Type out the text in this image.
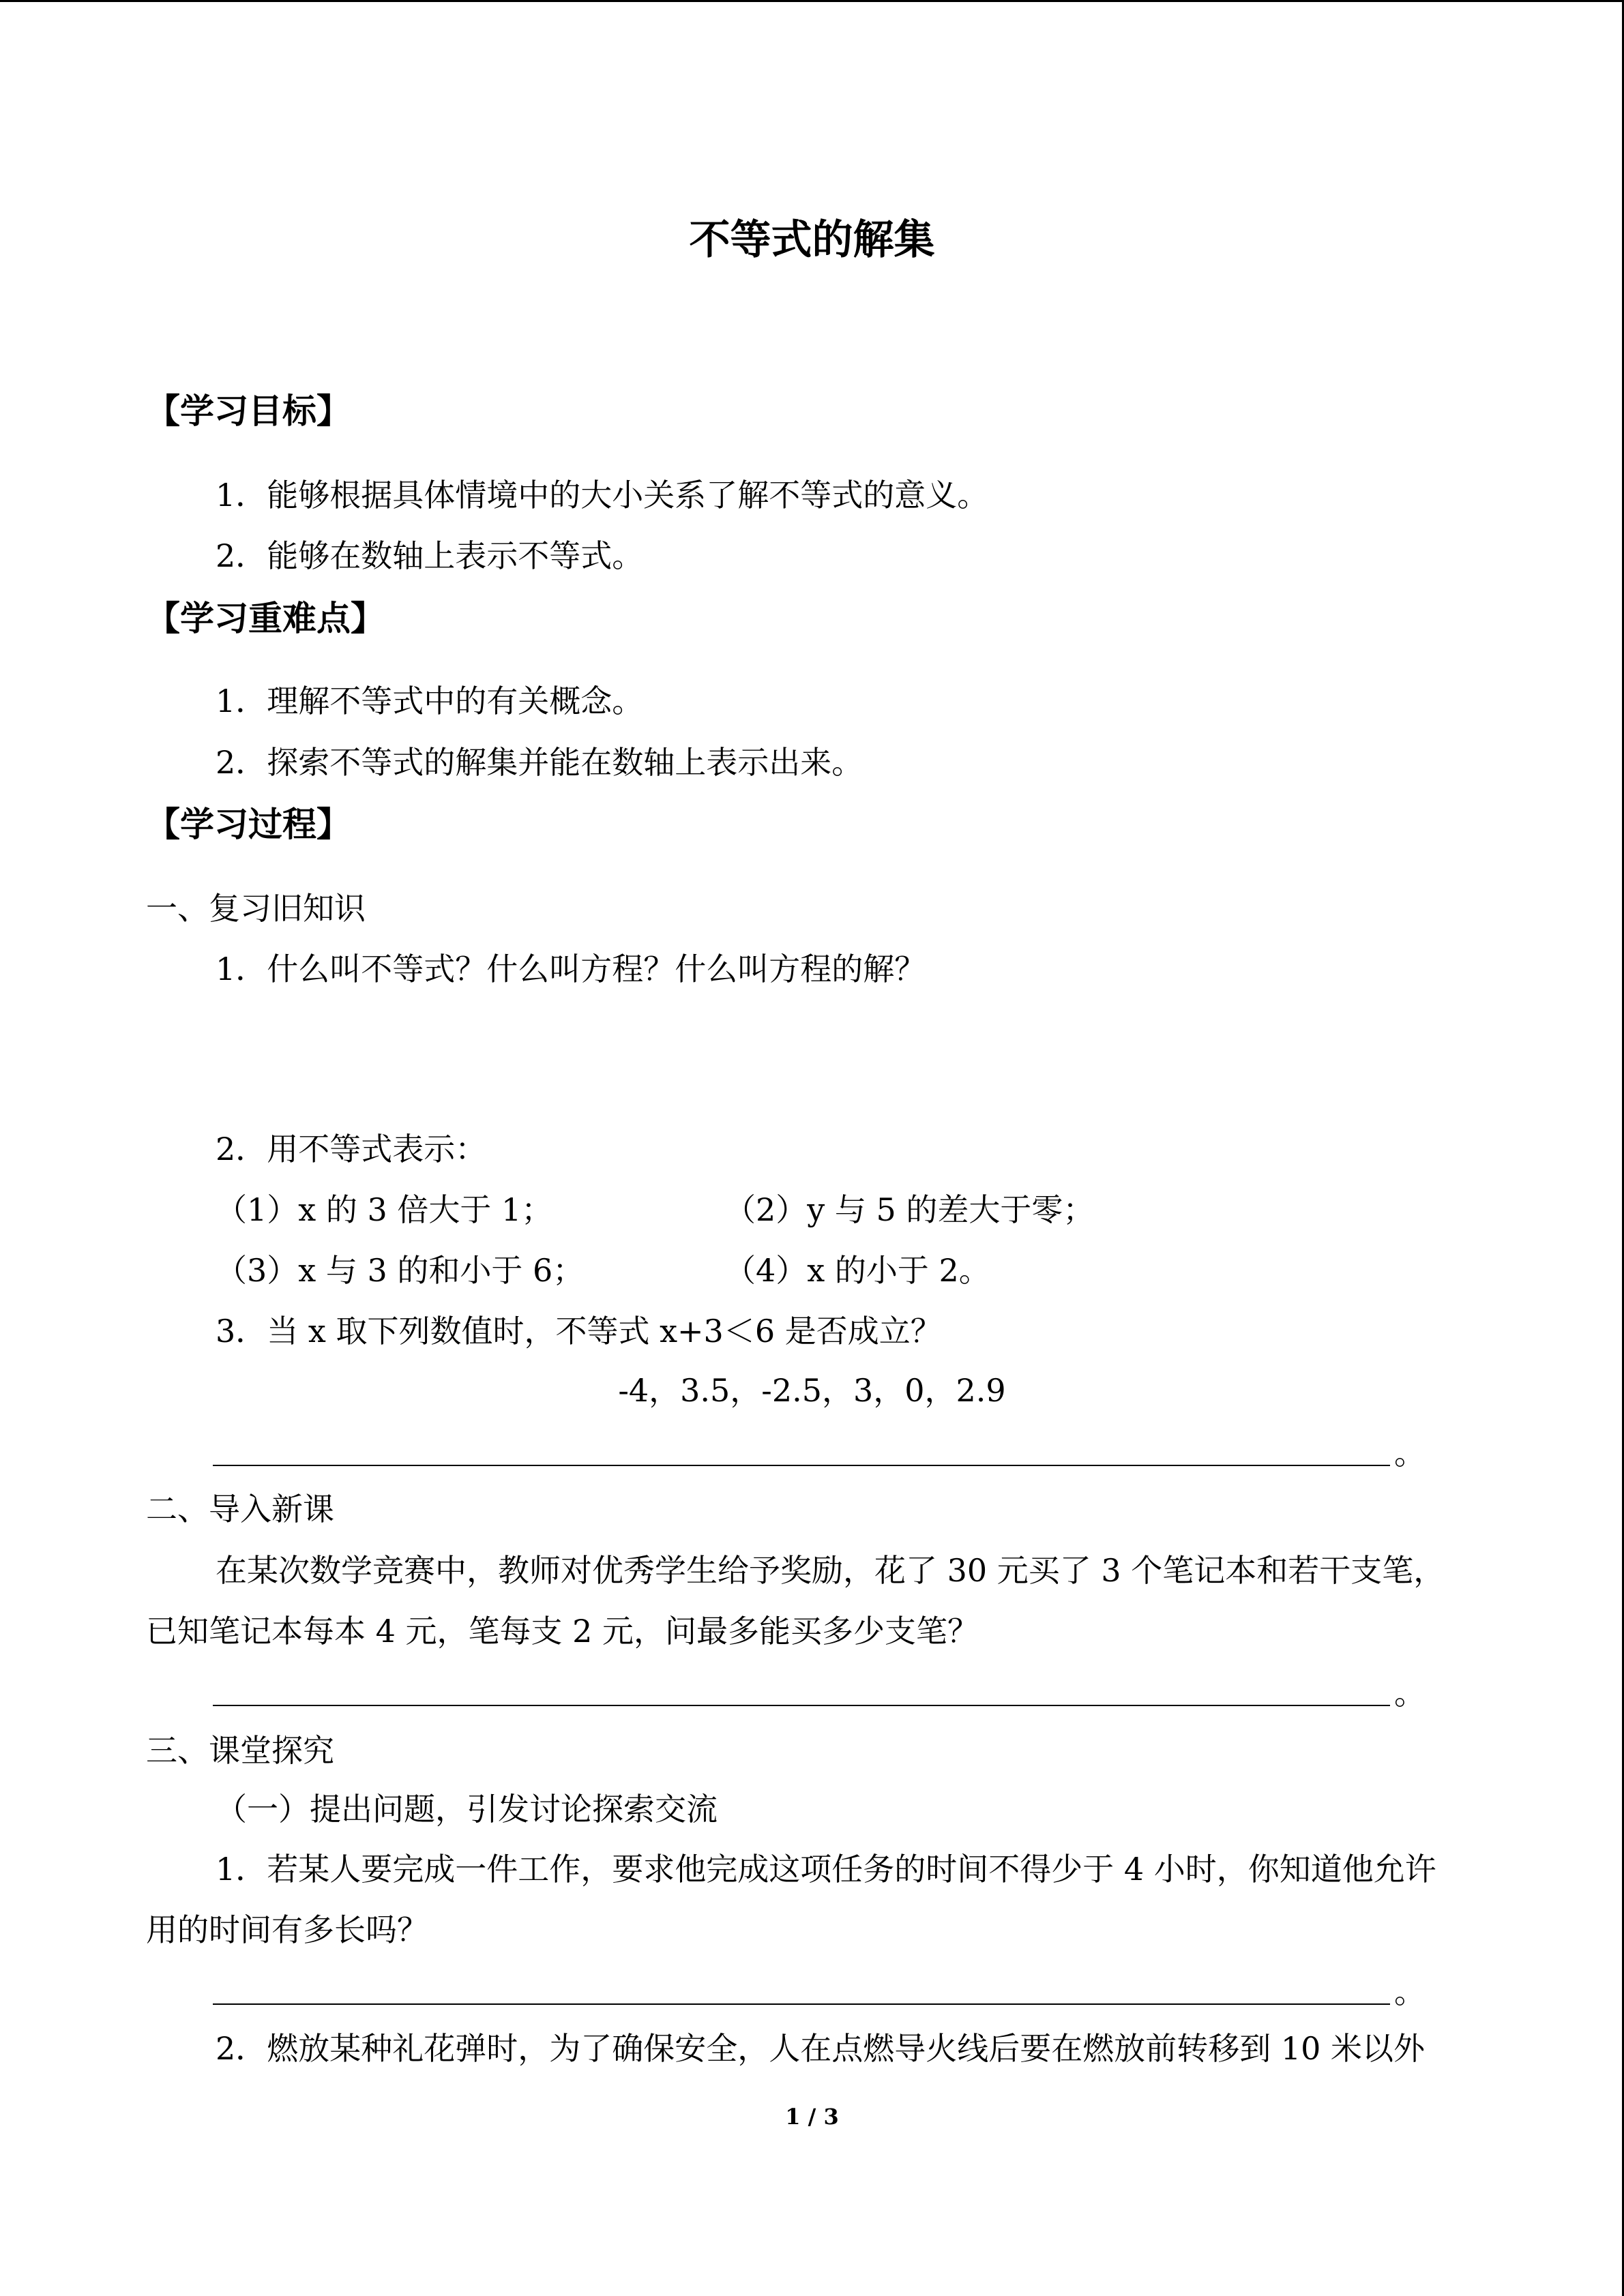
不等式的解集
【学习目标】
1．能够根据具体情境中的大小关系了解不等式的意义。
2．能够在数轴上表示不等式。
【学习重难点】
1．理解不等式中的有关概念。
2．探索不等式的解集并能在数轴上表示出来。
【学习过程】
一、复习旧知识
1．什么叫不等式？什么叫方程？什么叫方程的解？
2．用不等式表示：
（1）x 的 3 倍大于 1；	（2）y 与 5 的差大于零；
（3）x 与 3 的和小于 6；	（4）x 的小于 2。
3．当 x 取下列数值时，不等式 x+3＜6 是否成立？
-4，3.5，-2.5，3，0，2.9
。
二、导入新课
在某次数学竞赛中，教师对优秀学生给予奖励，花了 30 元买了 3 个笔记本和若干支笔，
已知笔记本每本 4 元，笔每支 2 元，问最多能买多少支笔？
。
三、课堂探究
（一）提出问题，引发讨论探索交流
1．若某人要完成一件工作，要求他完成这项任务的时间不得少于 4 小时，你知道他允许
用的时间有多长吗？
。
2．燃放某种礼花弹时，为了确保安全，人在点燃导火线后要在燃放前转移到 10 米以外
1 / 3
